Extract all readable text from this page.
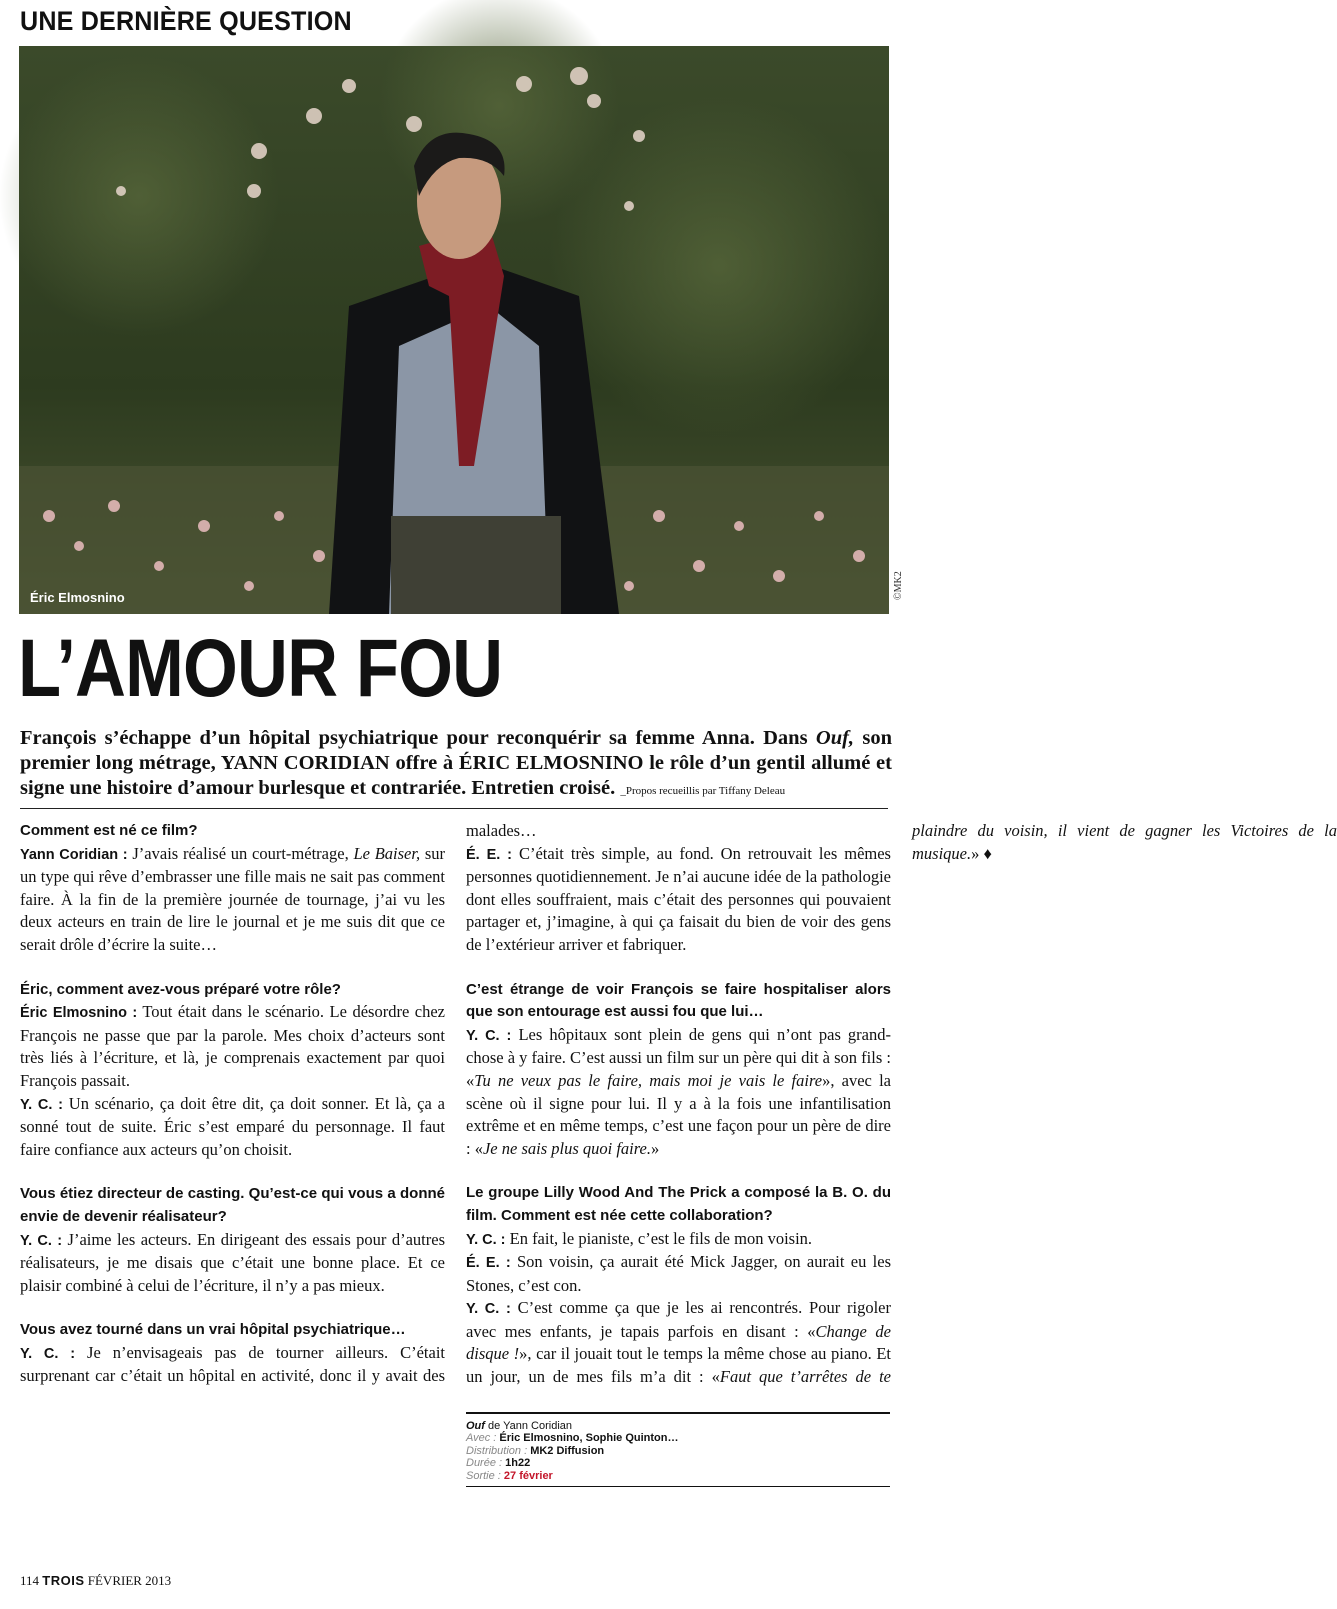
UNE DERNIÈRE QUESTION
Éric Elmosnino	©MK2
L’AMOUR FOU
François s’échappe d’un hôpital psychiatrique pour reconquérir sa femme Anna. Dans Ouf, son premier long métrage, YANN CORIDIAN offre à ÉRIC ELMOSNINO le rôle d’un gentil allumé et signe une histoire d’amour burlesque et contrariée. Entretien croisé. _Propos recueillis par Tiffany Deleau

Comment est né ce film?

Yann Coridian : J’avais réalisé un court-métrage, Le Baiser, sur un type qui rêve d’embrasser une fille mais ne sait pas comment faire. À la fin de la première journée de tournage, j’ai vu les deux acteurs en train de lire le journal et je me suis dit que ce serait drôle d’écrire la suite…

Éric, comment avez-vous préparé votre rôle?

Éric Elmosnino : Tout était dans le scénario. Le désordre chez François ne passe que par la parole. Mes choix d’acteurs sont très liés à l’écriture, et là, je comprenais exactement par quoi François passait.

Y. C. : Un scénario, ça doit être dit, ça doit sonner. Et là, ça a sonné tout de suite. Éric s’est emparé du personnage. Il faut faire confiance aux acteurs qu’on choisit.

Vous étiez directeur de casting. Qu’est-ce qui vous a donné envie de devenir réalisateur?

Y. C. : J’aime les acteurs. En dirigeant des essais pour d’autres réalisateurs, je me disais que c’était une bonne place. Et ce plaisir combiné à celui de l’écriture, il n’y a pas mieux.

Vous avez tourné dans un vrai hôpital psychiatrique…

Y. C. : Je n’envisageais pas de tourner ailleurs. C’était surprenant car c’était un hôpital en activité, donc il y avait des malades…

É. E. : C’était très simple, au fond. On retrouvait les mêmes personnes quotidiennement. Je n’ai aucune idée de la pathologie dont elles souffraient, mais c’était des personnes qui pouvaient partager et, j’imagine, à qui ça faisait du bien de voir des gens de l’extérieur arriver et fabriquer.

C’est étrange de voir François se faire hospitaliser alors que son entourage est aussi fou que lui…

Y. C. : Les hôpitaux sont plein de gens qui n’ont pas grand-chose à y faire. C’est aussi un film sur un père qui dit à son fils : «Tu ne veux pas le faire, mais moi je vais le faire», avec la scène où il signe pour lui. Il y a à la fois une infantilisation extrême et en même temps, c’est une façon pour un père de dire : «Je ne sais plus quoi faire.»

Le groupe Lilly Wood And The Prick a composé la B. O. du film. Comment est née cette collaboration?

Y. C. : En fait, le pianiste, c’est le fils de mon voisin.

É. E. : Son voisin, ça aurait été Mick Jagger, on aurait eu les Stones, c’est con.

Y. C. : C’est comme ça que je les ai rencontrés. Pour rigoler avec mes enfants, je tapais parfois en disant : «Change de disque !», car il jouait tout le temps la même chose au piano. Et un jour, un de mes fils m’a dit : «Faut que t’arrêtes de te plaindre du voisin, il vient de gagner les Victoires de la musique.» ♦

Ouf de Yann Coridian
Avec : Éric Elmosnino, Sophie Quinton…
Distribution : MK2 Diffusion
Durée : 1h22
Sortie : 27 février
114 TROIS FÉVRIER 2013
